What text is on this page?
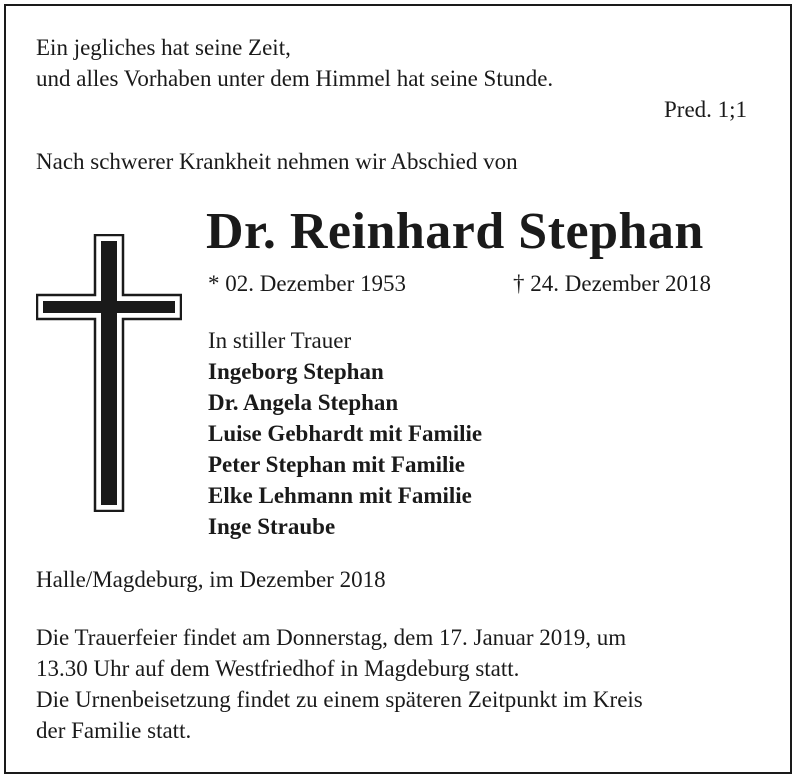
Ein jegliches hat seine Zeit,
und alles Vorhaben unter dem Himmel hat seine Stunde.
Pred. 1;1
Nach schwerer Krankheit nehmen wir Abschied von
Dr. Reinhard Stephan
* 02. Dezember 1953	† 24. Dezember 2018
In stiller Trauer
Ingeborg Stephan
Dr. Angela Stephan
Luise Gebhardt mit Familie
Peter Stephan mit Familie
Elke Lehmann mit Familie
Inge Straube
Halle/Magdeburg, im Dezember 2018
Die Trauerfeier findet am Donnerstag, dem 17. Januar 2019, um
13.30 Uhr auf dem Westfriedhof in Magdeburg statt.
Die Urnenbeisetzung findet zu einem späteren Zeitpunkt im Kreis
der Familie statt.
